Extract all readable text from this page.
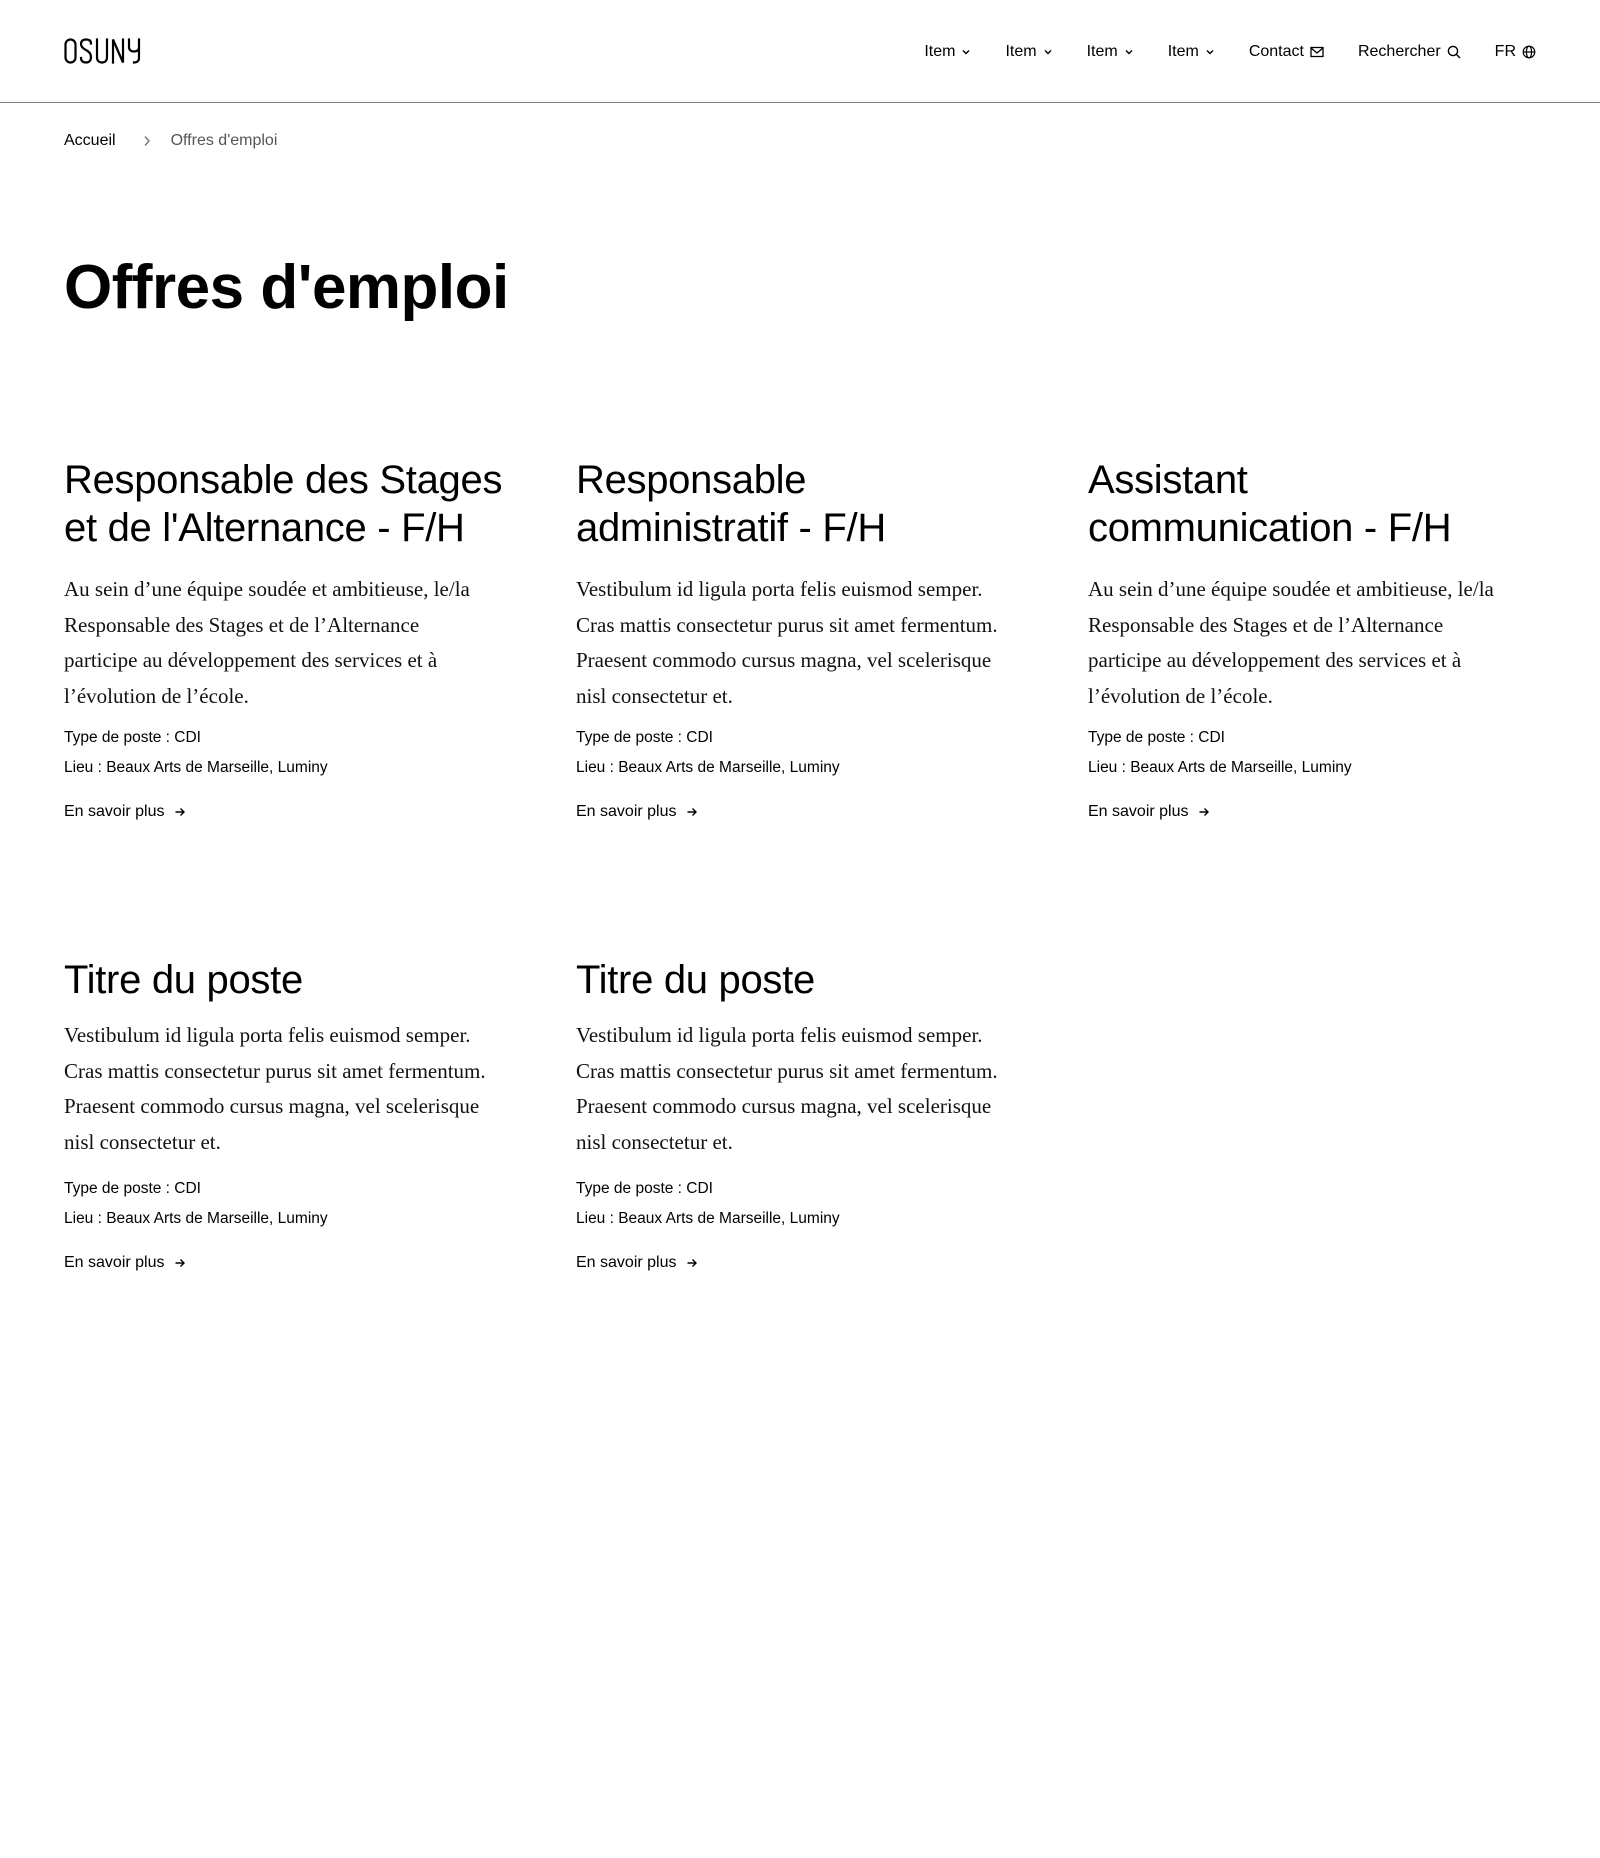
Item	Item	Item	Item	Contact	Rechercher	FR
Accueil	Offres d'emploi
Offres d'emploi
Responsable des Stages
et de l'Alternance - F/H

Au sein d’une équipe soudée et ambitieuse, le/la
Responsable des Stages et de l’Alternance
participe au développement des services et à
l’évolution de l’école.

Type de poste : CDI
Lieu : Beaux Arts de Marseille, Luminy
En savoir plus
Responsable
administratif - F/H

Vestibulum id ligula porta felis euismod semper.
Cras mattis consectetur purus sit amet fermentum.
Praesent commodo cursus magna, vel scelerisque
nisl consectetur et.

Type de poste : CDI
Lieu : Beaux Arts de Marseille, Luminy
En savoir plus
Assistant
communication - F/H

Au sein d’une équipe soudée et ambitieuse, le/la
Responsable des Stages et de l’Alternance
participe au développement des services et à
l’évolution de l’école.

Type de poste : CDI
Lieu : Beaux Arts de Marseille, Luminy
En savoir plus
Titre du poste

Vestibulum id ligula porta felis euismod semper.
Cras mattis consectetur purus sit amet fermentum.
Praesent commodo cursus magna, vel scelerisque
nisl consectetur et.

Type de poste : CDI
Lieu : Beaux Arts de Marseille, Luminy
En savoir plus
Titre du poste

Vestibulum id ligula porta felis euismod semper.
Cras mattis consectetur purus sit amet fermentum.
Praesent commodo cursus magna, vel scelerisque
nisl consectetur et.

Type de poste : CDI
Lieu : Beaux Arts de Marseille, Luminy
En savoir plus
